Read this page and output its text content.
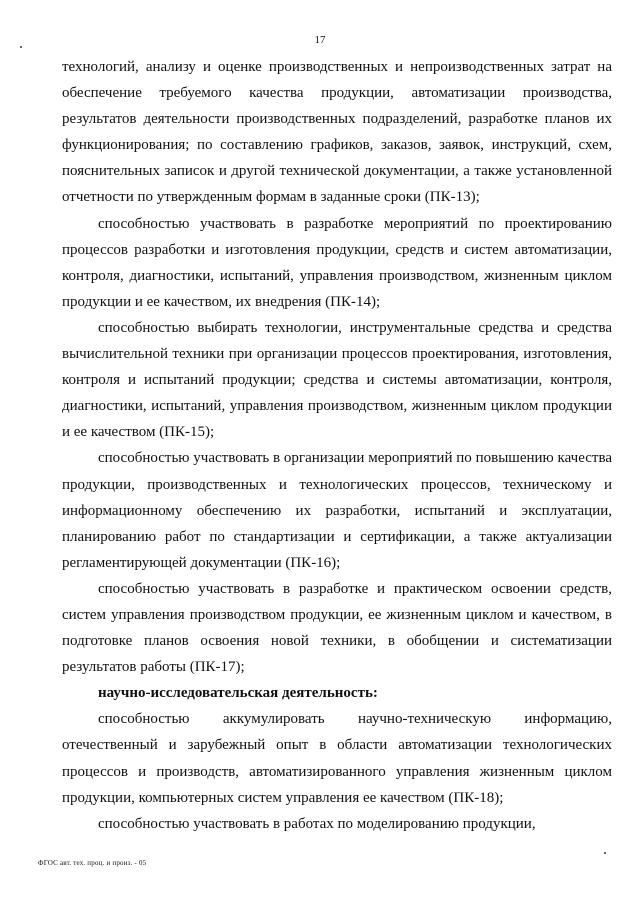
17

технологий, анализу и оценке производственных и непроизводственных затрат на обеспечение требуемого качества продукции, автоматизации производства, результатов деятельности производственных подразделений, разработке планов их функционирования; по составлению графиков, заказов, заявок, инструкций, схем, пояснительных записок и другой технической документации, а также установленной отчетности по утвержденным формам в заданные сроки (ПК-13);

способностью участвовать в разработке мероприятий по проектированию процессов разработки и изготовления продукции, средств и систем автоматизации, контроля, диагностики, испытаний, управления производством, жизненным циклом продукции и ее качеством, их внедрения (ПК-14);

способностью выбирать технологии, инструментальные средства и средства вычислительной техники при организации процессов проектирования, изготовления, контроля и испытаний продукции; средства и системы автоматизации, контроля, диагностики, испытаний, управления производством, жизненным циклом продукции и ее качеством (ПК-15);

способностью участвовать в организации мероприятий по повышению качества продукции, производственных и технологических процессов, техническому и информационному обеспечению их разработки, испытаний и эксплуатации, планированию работ по стандартизации и сертификации, а также актуализации регламентирующей документации (ПК-16);

способностью участвовать в разработке и практическом освоении средств, систем управления производством продукции, ее жизненным циклом и качеством, в подготовке планов освоения новой техники, в обобщении и систематизации результатов работы (ПК-17);

научно-исследовательская деятельность:

способностью аккумулировать научно-техническую информацию, отечественный и зарубежный опыт в области автоматизации технологических процессов и производств, автоматизированного управления жизненным циклом продукции, компьютерных систем управления ее качеством (ПК-18);

способностью участвовать в работах по моделированию продукции,

ФГОС авт. тех. проц. и произ. - 05
